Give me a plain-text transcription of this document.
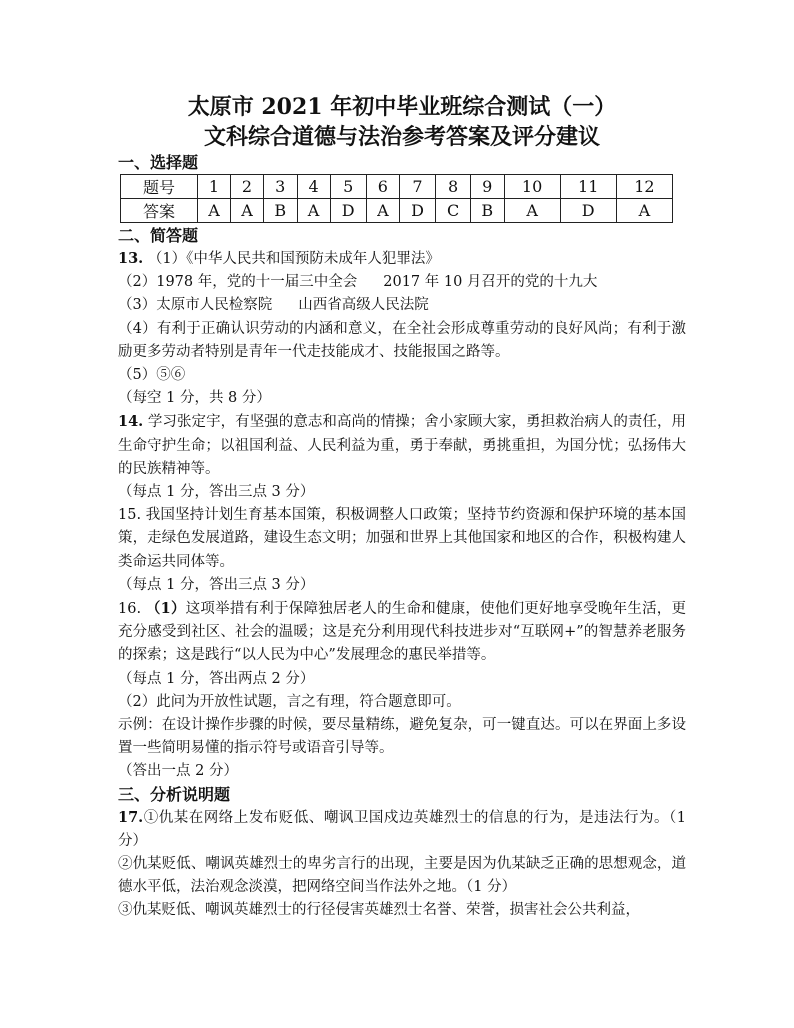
太原市 2021 年初中毕业班综合测试（一）
文科综合道德与法治参考答案及评分建议

一、选择题

题号	1	2	3	4	5	6	7	8	9	10	11	12
答案	A	A	B	A	D	A	D	C	B	A	D	A

二、简答题

13. （1）《中华人民共和国预防未成年人犯罪法》

（2）1978 年，党的十一届三中全会 2017 年 10 月召开的党的十九大

（3）太原市人民检察院 山西省高级人民法院

（4）有利于正确认识劳动的内涵和意义，在全社会形成尊重劳动的良好风尚；有利于激励更多劳动者特别是青年一代走技能成才、技能报国之路等。

（5）⑤⑥

（每空 1 分，共 8 分）

14. 学习张定宇，有坚强的意志和高尚的情操；舍小家顾大家，勇担救治病人的责任，用生命守护生命；以祖国利益、人民利益为重，勇于奉献，勇挑重担，为国分忧；弘扬伟大的民族精神等。

（每点 1 分，答出三点 3 分）

15. 我国坚持计划生育基本国策，积极调整人口政策；坚持节约资源和保护环境的基本国策，走绿色发展道路，建设生态文明；加强和世界上其他国家和地区的合作，积极构建人类命运共同体等。

（每点 1 分，答出三点 3 分）

16. （1）这项举措有利于保障独居老人的生命和健康，使他们更好地享受晚年生活，更充分感受到社区、社会的温暖；这是充分利用现代科技进步对“互联网+”的智慧养老服务的探索；这是践行“以人民为中心”发展理念的惠民举措等。

（每点 1 分，答出两点 2 分）

（2）此问为开放性试题，言之有理，符合题意即可。

示例：在设计操作步骤的时候，要尽量精练，避免复杂，可一键直达。可以在界面上多设置一些简明易懂的指示符号或语音引导等。

（答出一点 2 分）

三、分析说明题

17.①仇某在网络上发布贬低、嘲讽卫国戍边英雄烈士的信息的行为，是违法行为。（1 分）

②仇某贬低、嘲讽英雄烈士的卑劣言行的出现，主要是因为仇某缺乏正确的思想观念，道德水平低，法治观念淡漠，把网络空间当作法外之地。（1 分）

③仇某贬低、嘲讽英雄烈士的行径侵害英雄烈士名誉、荣誉，损害社会公共利益，
